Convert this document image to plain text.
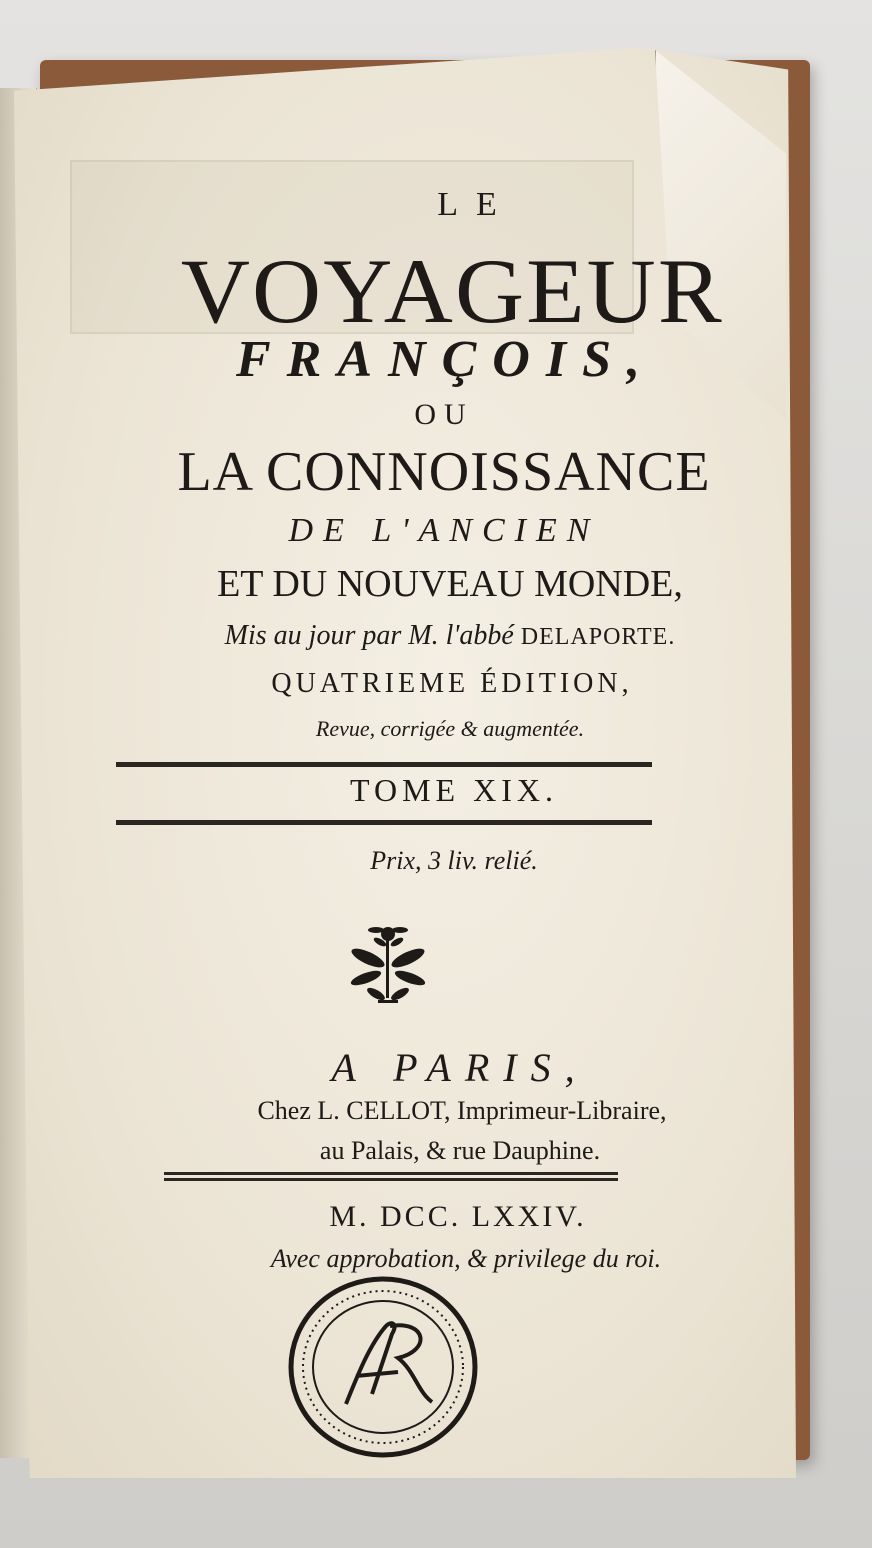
LE
VOYAGEUR
FRANÇOIS,
OU
LA CONNOISSANCE
DE L'ANCIEN
ET DU NOUVEAU MONDE,
Mis au jour par M. l'abbé DELAPORTE.
QUATRIEME ÉDITION,
Revue, corrigée & augmentée.
TOME XIX.
Prix, 3 liv. relié.
A PARIS,
Chez L. CELLOT, Imprimeur-Libraire,
au Palais, & rue Dauphine.
M. DCC. LXXIV.
Avec approbation, & privilege du roi.
